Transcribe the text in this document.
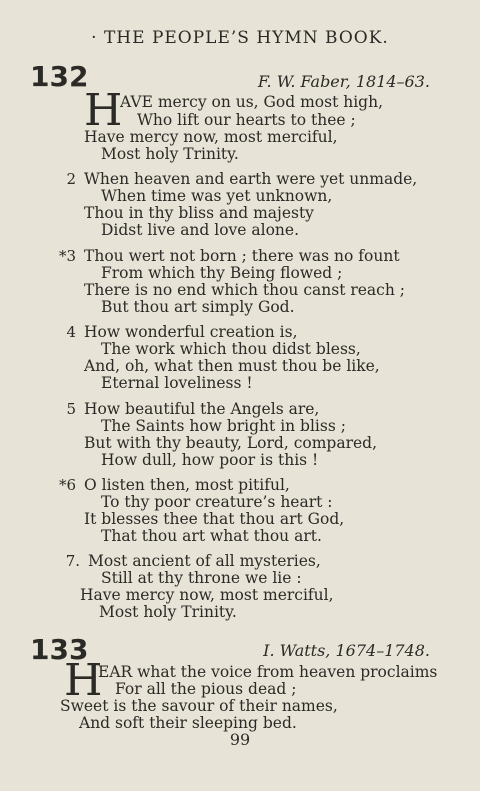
· THE PEOPLE’S HYMN BOOK.
132	F. W. Faber, 1814–63.
H
AVE mercy on us, God most high,
Who lift our hearts to thee ;
Have mercy now, most merciful,
Most holy Trinity.
2 When heaven and earth were yet unmade,
When time was yet unknown,
Thou in thy bliss and majesty
Didst live and love alone.
*3 Thou wert not born ; there was no fount
From which thy Being flowed ;
There is no end which thou canst reach ;
But thou art simply God.
4 How wonderful creation is,
The work which thou didst bless,
And, oh, what then must thou be like,
Eternal loveliness !
5 How beautiful the Angels are,
The Saints how bright in bliss ;
But with thy beauty, Lord, compared,
How dull, how poor is this !
*6 O listen then, most pitiful,
To thy poor creature’s heart :
It blesses thee that thou art God,
That thou art what thou art.
7. Most ancient of all mysteries,
Still at thy throne we lie :
Have mercy now, most merciful,
Most holy Trinity.
133	I. Watts, 1674–1748.
H
EAR what the voice from heaven proclaims
For all the pious dead ;
Sweet is the savour of their names,
And soft their sleeping bed.
99
